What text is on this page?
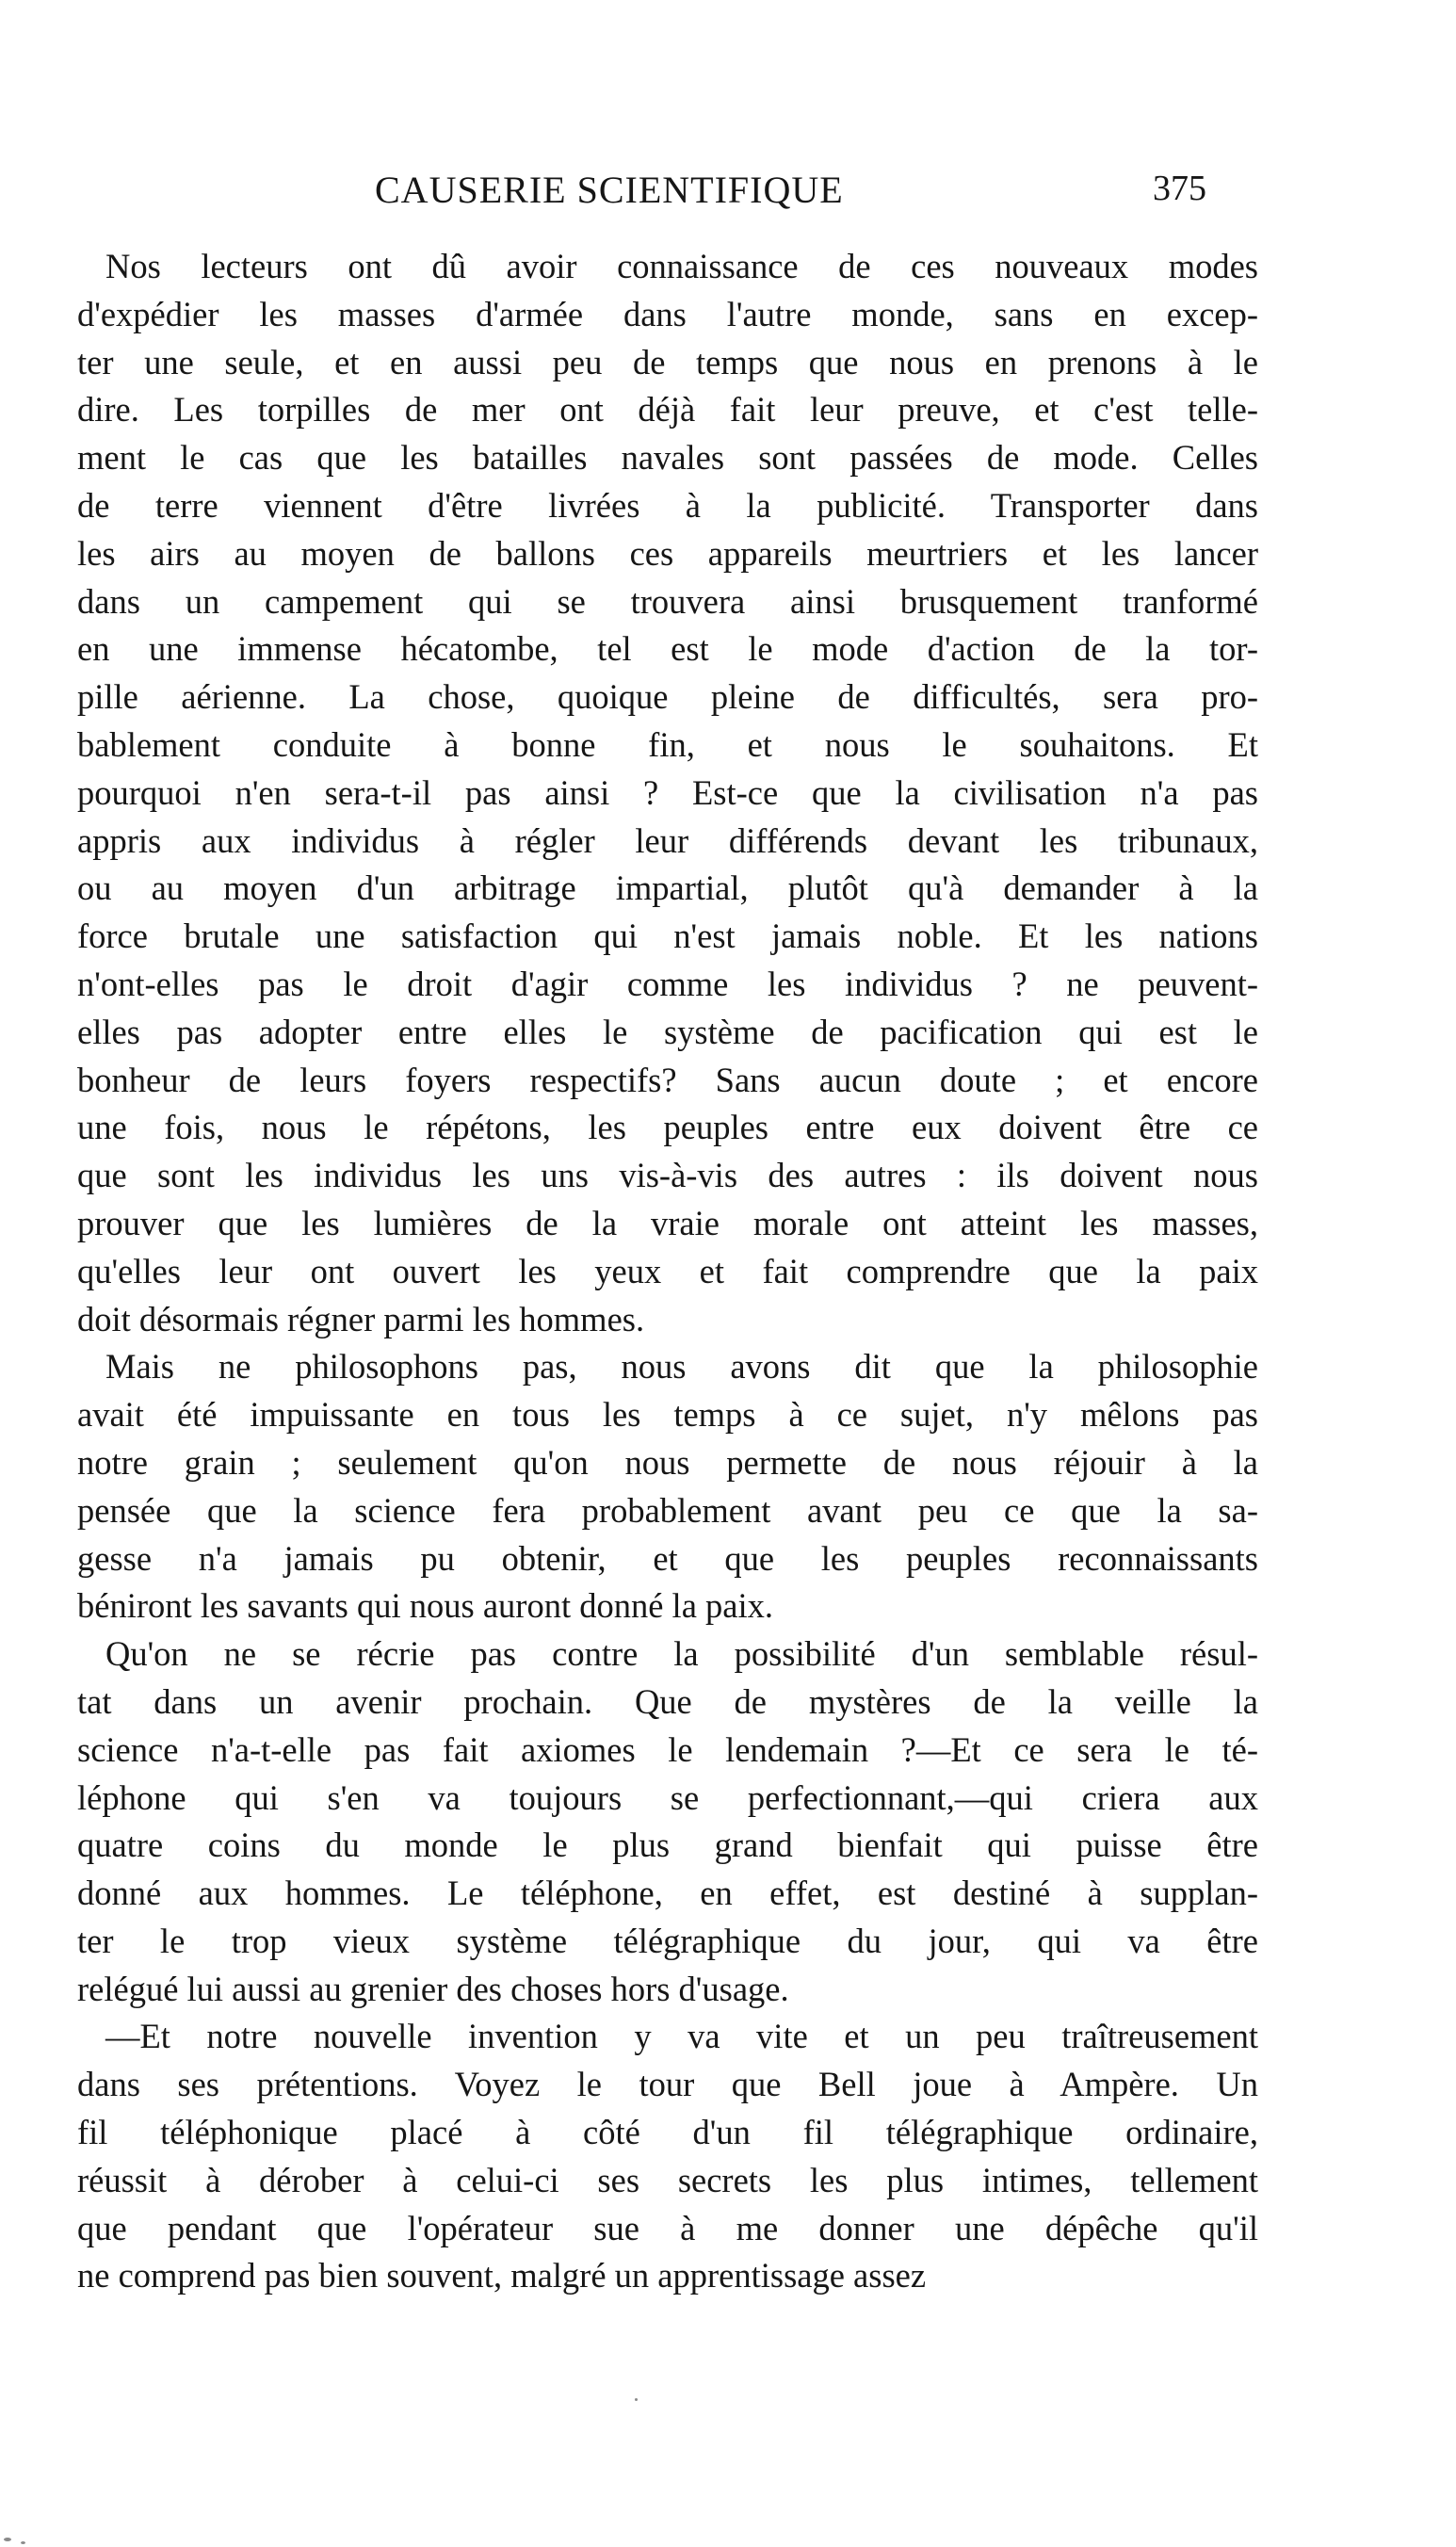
CAUSERIE SCIENTIFIQUE	375
Nos lecteurs ont dû avoir connaissance de ces nouveaux modes
d'expédier les masses d'armée dans l'autre monde, sans en excep-
ter une seule, et en aussi peu de temps que nous en prenons à le
dire. Les torpilles de mer ont déjà fait leur preuve, et c'est telle-
ment le cas que les batailles navales sont passées de mode. Celles
de terre viennent d'être livrées à la publicité. Transporter dans
les airs au moyen de ballons ces appareils meurtriers et les lancer
dans un campement qui se trouvera ainsi brusquement tranformé
en une immense hécatombe, tel est le mode d'action de la tor-
pille aérienne. La chose, quoique pleine de difficultés, sera pro-
bablement conduite à bonne fin, et nous le souhaitons. Et
pourquoi n'en sera-t-il pas ainsi ? Est-ce que la civilisation n'a pas
appris aux individus à régler leur différends devant les tribunaux,
ou au moyen d'un arbitrage impartial, plutôt qu'à demander à la
force brutale une satisfaction qui n'est jamais noble. Et les nations
n'ont-elles pas le droit d'agir comme les individus ? ne peuvent-
elles pas adopter entre elles le système de pacification qui est le
bonheur de leurs foyers respectifs? Sans aucun doute ; et encore
une fois, nous le répétons, les peuples entre eux doivent être ce
que sont les individus les uns vis-à-vis des autres : ils doivent nous
prouver que les lumières de la vraie morale ont atteint les masses,
qu'elles leur ont ouvert les yeux et fait comprendre que la paix
doit désormais régner parmi les hommes.
Mais ne philosophons pas, nous avons dit que la philosophie
avait été impuissante en tous les temps à ce sujet, n'y mêlons pas
notre grain ; seulement qu'on nous permette de nous réjouir à la
pensée que la science fera probablement avant peu ce que la sa-
gesse n'a jamais pu obtenir, et que les peuples reconnaissants
béniront les savants qui nous auront donné la paix.
Qu'on ne se récrie pas contre la possibilité d'un semblable résul-
tat dans un avenir prochain. Que de mystères de la veille la
science n'a-t-elle pas fait axiomes le lendemain ?—Et ce sera le té-
léphone qui s'en va toujours se perfectionnant,—qui criera aux
quatre coins du monde le plus grand bienfait qui puisse être
donné aux hommes. Le téléphone, en effet, est destiné à supplan-
ter le trop vieux système télégraphique du jour, qui va être
relégué lui aussi au grenier des choses hors d'usage.
—Et notre nouvelle invention y va vite et un peu traîtreusement
dans ses prétentions. Voyez le tour que Bell joue à Ampère. Un
fil téléphonique placé à côté d'un fil télégraphique ordinaire,
réussit à dérober à celui-ci ses secrets les plus intimes, tellement
que pendant que l'opérateur sue à me donner une dépêche qu'il
ne comprend pas bien souvent, malgré un apprentissage assez
